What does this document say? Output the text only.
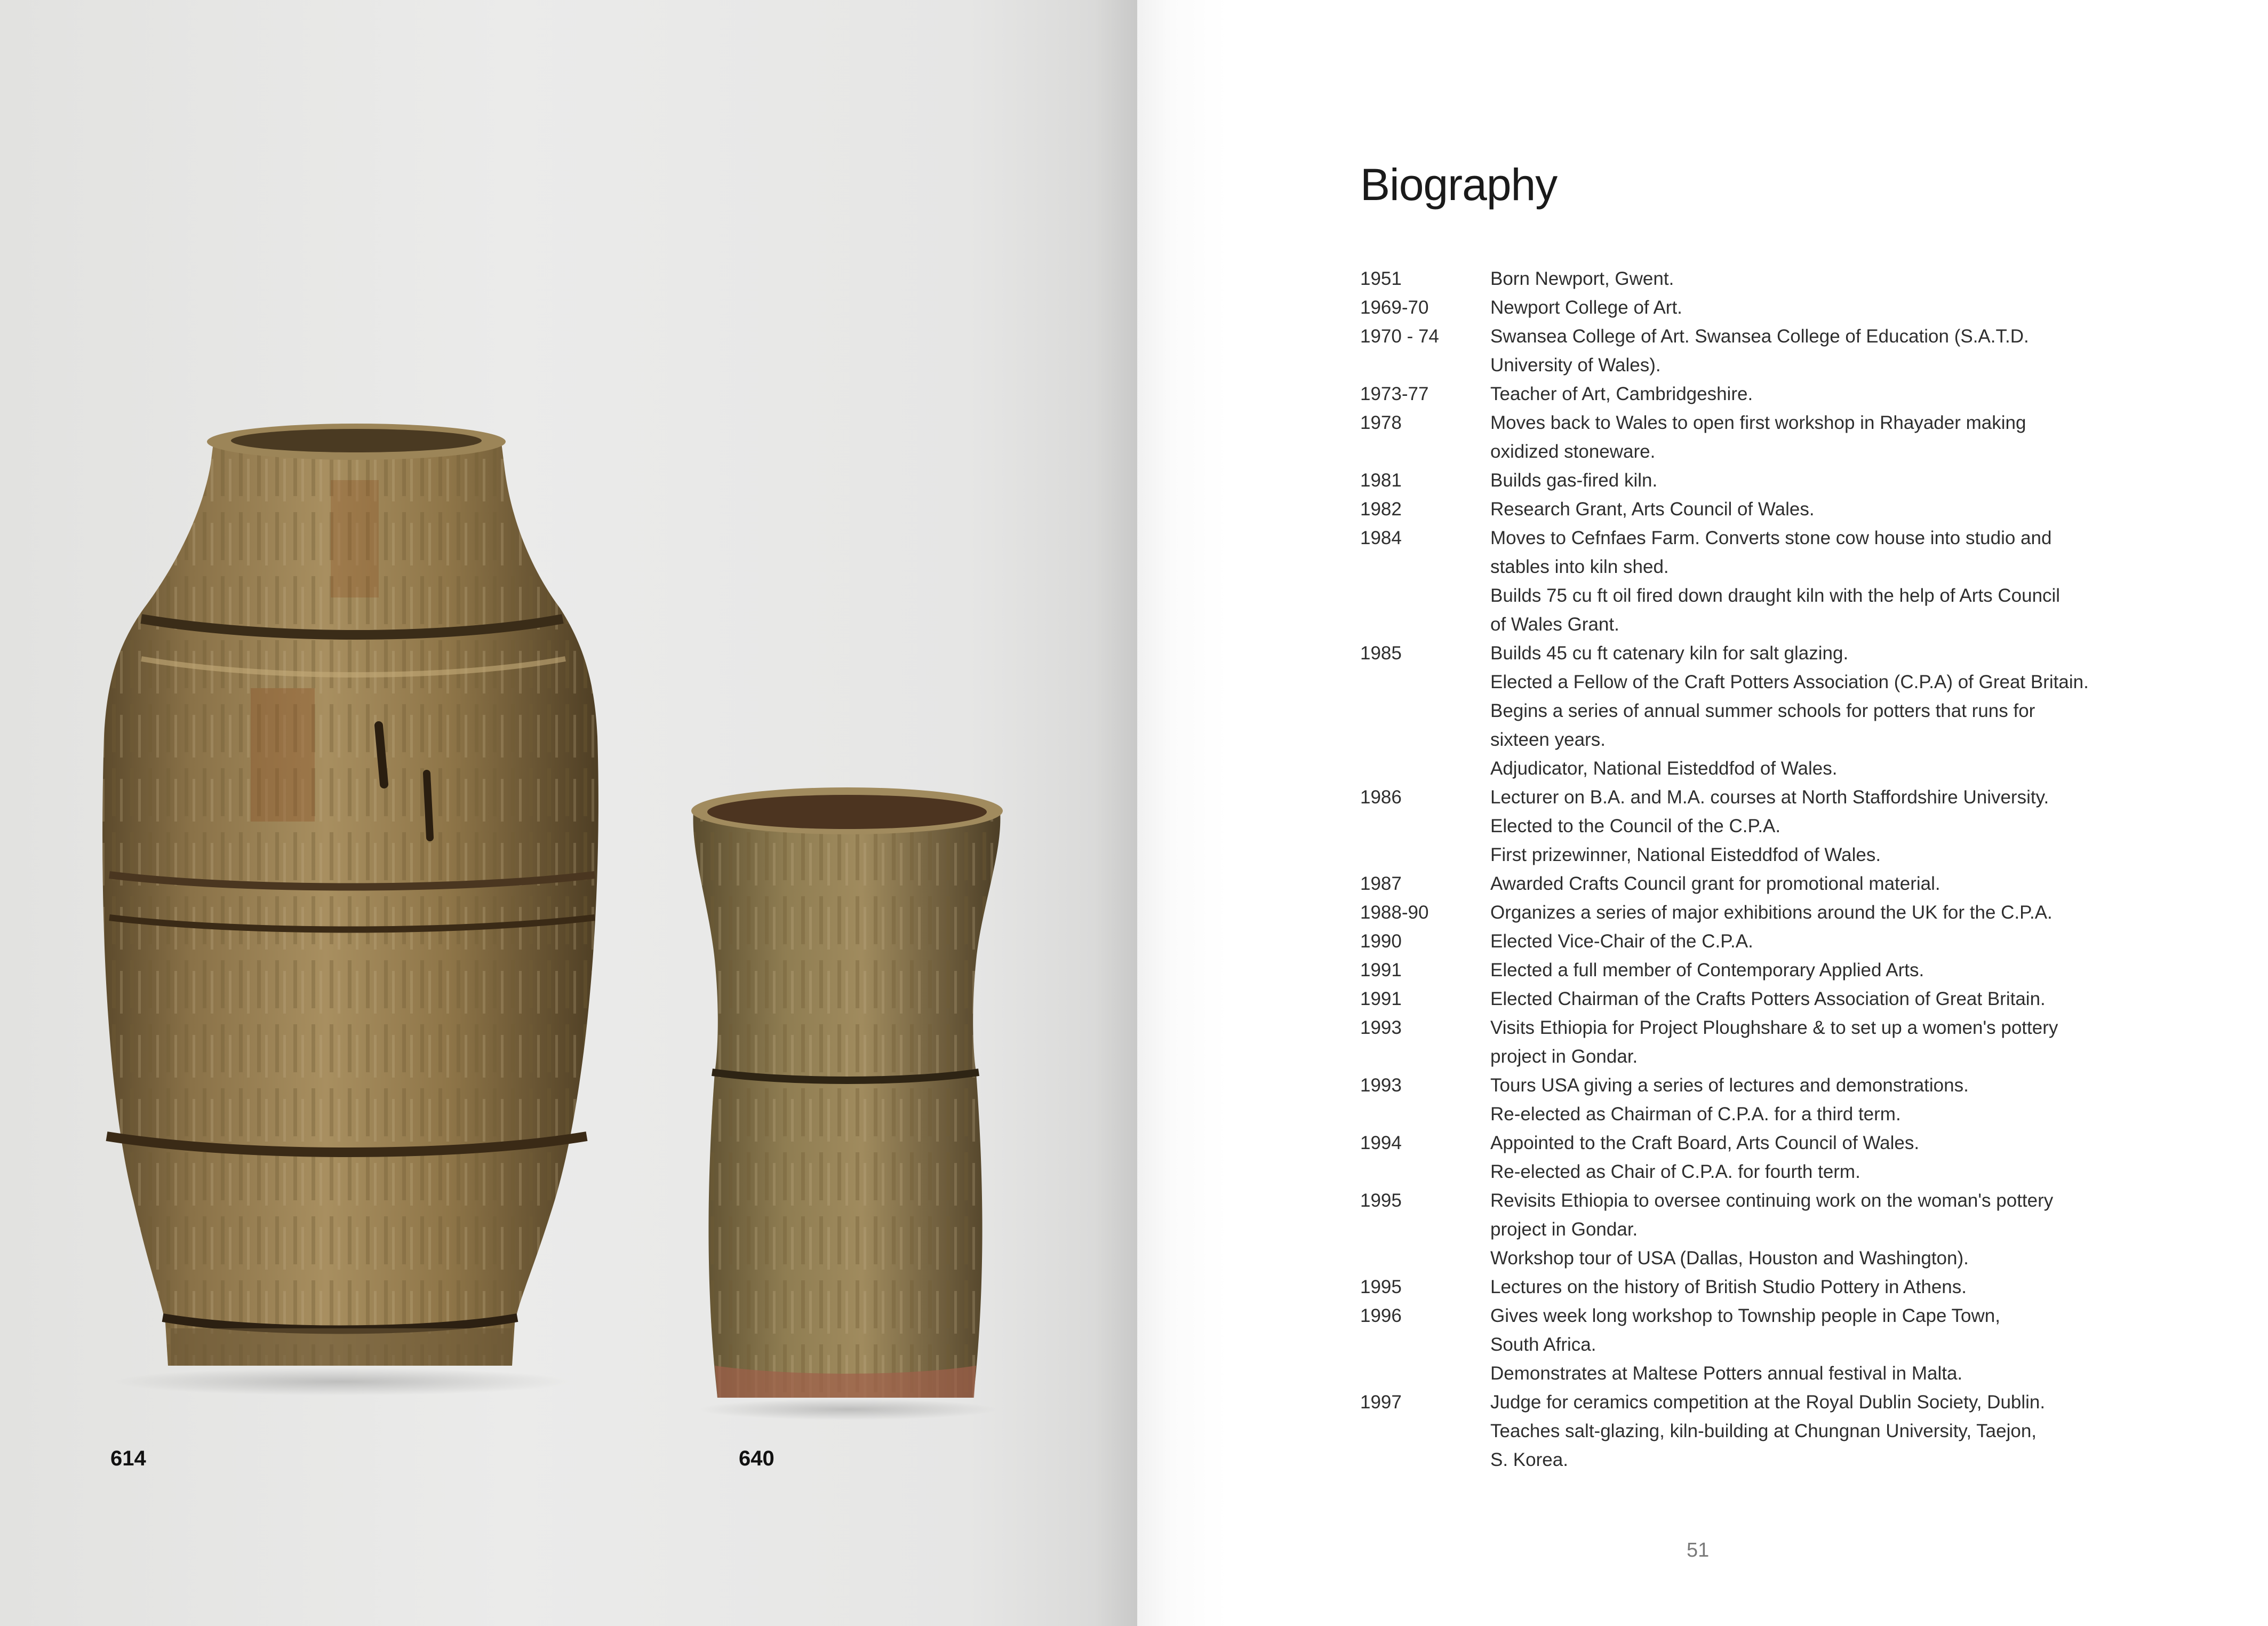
614	640
Biography
1951	Born Newport, Gwent.
1969-70	Newport College of Art.
1970 - 74	Swansea College of Art. Swansea College of Education (S.A.T.D.
University of Wales).
1973-77	Teacher of Art, Cambridgeshire.
1978	Moves back to Wales to open first workshop in Rhayader making
oxidized stoneware.
1981	Builds gas-fired kiln.
1982	Research Grant, Arts Council of Wales.
1984	Moves to Cefnfaes Farm. Converts stone cow house into studio and
stables into kiln shed.
Builds 75 cu ft oil fired down draught kiln with the help of Arts Council
of Wales Grant.
1985	Builds 45 cu ft catenary kiln for salt glazing.
Elected a Fellow of the Craft Potters Association (C.P.A) of Great Britain.
Begins a series of annual summer schools for potters that runs for
sixteen years.
Adjudicator, National Eisteddfod of Wales.
1986	Lecturer on B.A. and M.A. courses at North Staffordshire University.
Elected to the Council of the C.P.A.
First prizewinner, National Eisteddfod of Wales.
1987	Awarded Crafts Council grant for promotional material.
1988-90	Organizes a series of major exhibitions around the UK for the C.P.A.
1990	Elected Vice-Chair of the C.P.A.
1991	Elected a full member of Contemporary Applied Arts.
1991	Elected Chairman of the Crafts Potters Association of Great Britain.
1993	Visits Ethiopia for Project Ploughshare & to set up a women's pottery
project in Gondar.
1993	Tours USA giving a series of lectures and demonstrations.
Re-elected as Chairman of C.P.A. for a third term.
1994	Appointed to the Craft Board, Arts Council of Wales.
Re-elected as Chair of C.P.A. for fourth term.
1995	Revisits Ethiopia to oversee continuing work on the woman's pottery
project in Gondar.
Workshop tour of USA (Dallas, Houston and Washington).
1995	Lectures on the history of British Studio Pottery in Athens.
1996	Gives week long workshop to Township people in Cape Town,
South Africa.
Demonstrates at Maltese Potters annual festival in Malta.
1997	Judge for ceramics competition at the Royal Dublin Society, Dublin.
Teaches salt-glazing, kiln-building at Chungnan University, Taejon,
S. Korea.
51
